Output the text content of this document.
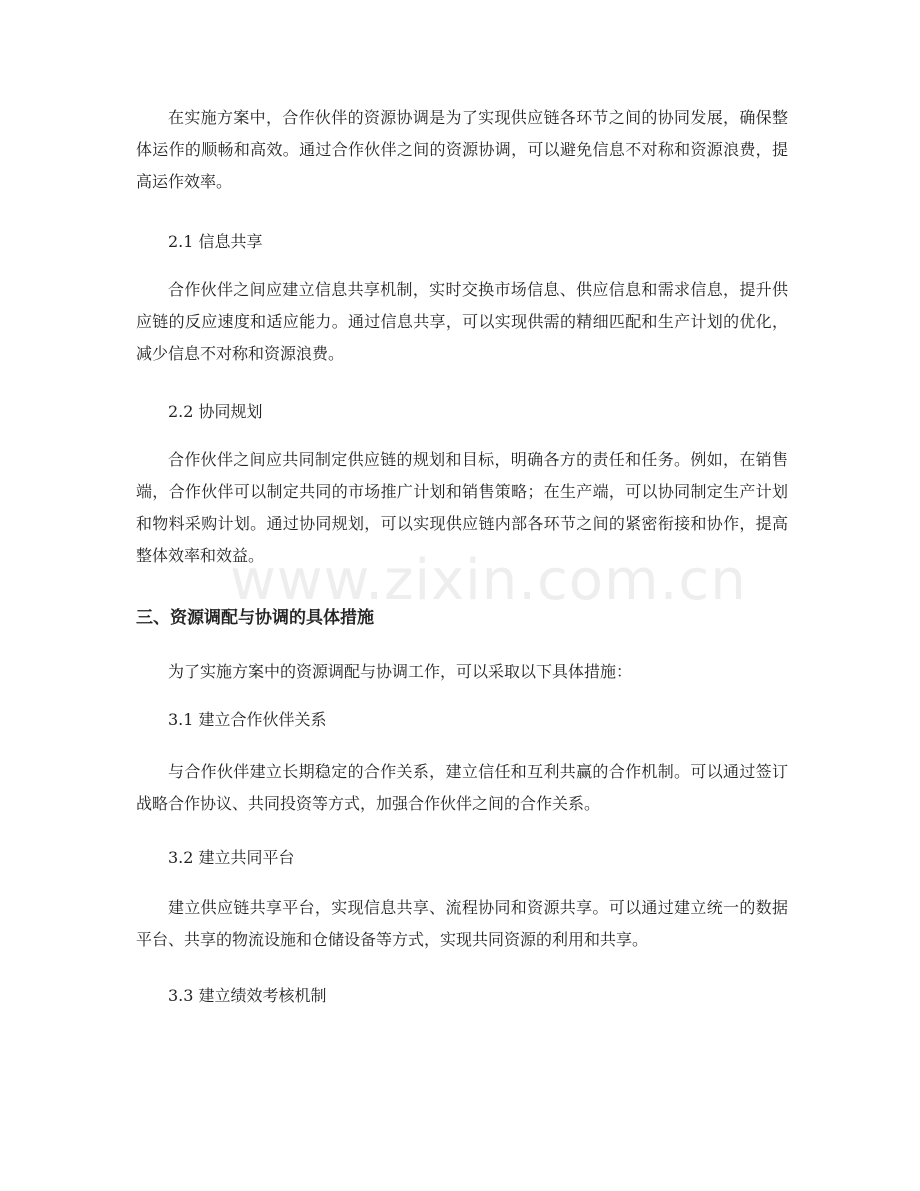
www.zixin.com.cn

在实施方案中，合作伙伴的资源协调是为了实现供应链各环节之间的协同发展，确保整体运作的顺畅和高效。通过合作伙伴之间的资源协调，可以避免信息不对称和资源浪费，提高运作效率。

2.1 信息共享

合作伙伴之间应建立信息共享机制，实时交换市场信息、供应信息和需求信息，提升供应链的反应速度和适应能力。通过信息共享，可以实现供需的精细匹配和生产计划的优化，减少信息不对称和资源浪费。

2.2 协同规划

合作伙伴之间应共同制定供应链的规划和目标，明确各方的责任和任务。例如，在销售端，合作伙伴可以制定共同的市场推广计划和销售策略；在生产端，可以协同制定生产计划和物料采购计划。通过协同规划，可以实现供应链内部各环节之间的紧密衔接和协作，提高整体效率和效益。

三、资源调配与协调的具体措施

为了实施方案中的资源调配与协调工作，可以采取以下具体措施：

3.1 建立合作伙伴关系

与合作伙伴建立长期稳定的合作关系，建立信任和互利共赢的合作机制。可以通过签订战略合作协议、共同投资等方式，加强合作伙伴之间的合作关系。

3.2 建立共同平台

建立供应链共享平台，实现信息共享、流程协同和资源共享。可以通过建立统一的数据平台、共享的物流设施和仓储设备等方式，实现共同资源的利用和共享。

3.3 建立绩效考核机制
